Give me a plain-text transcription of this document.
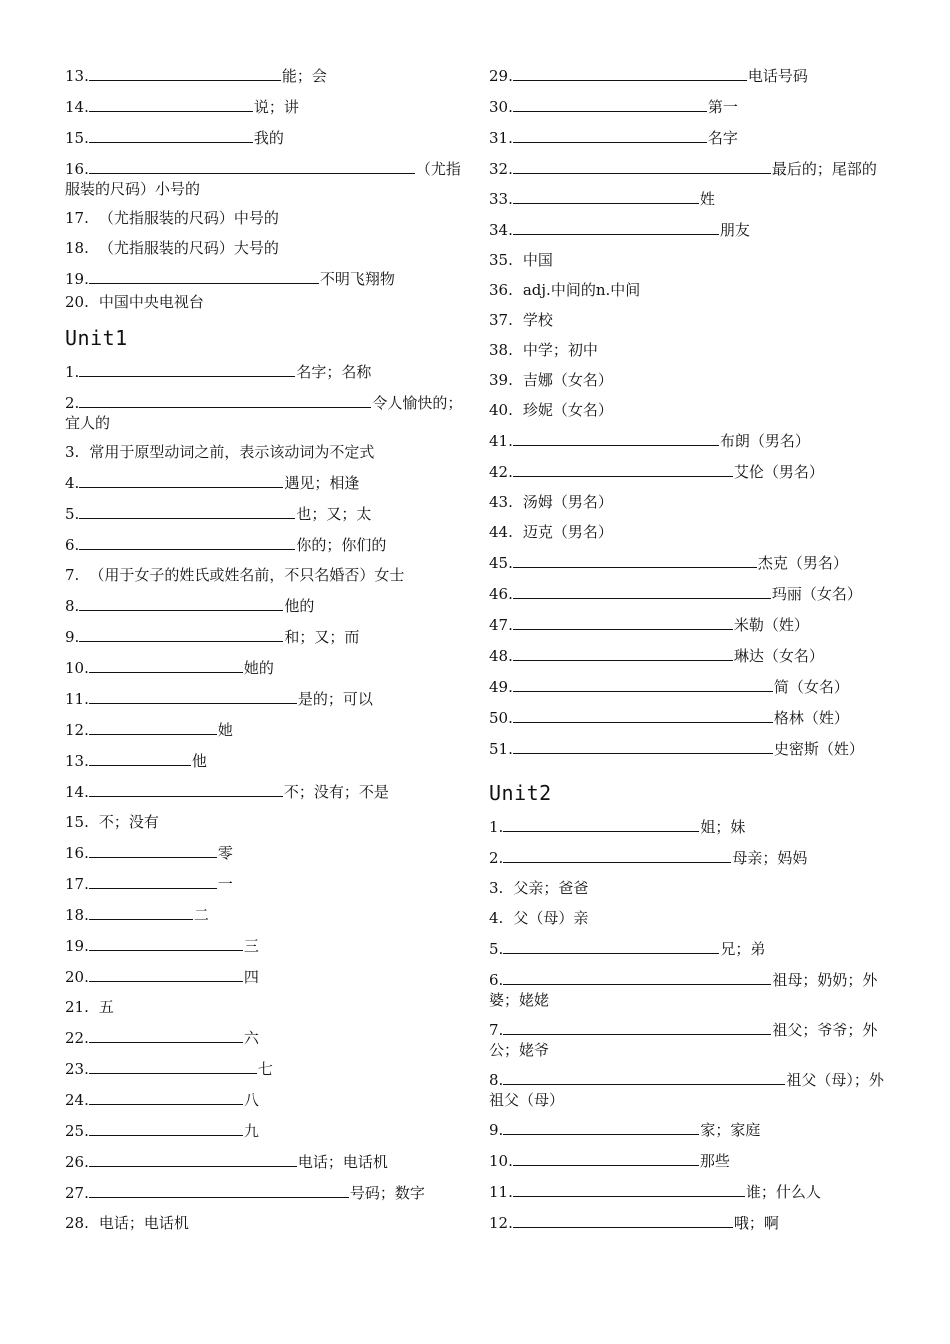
13.	能；会
14.	说；讲
15.	我的
16.	（尤指服装的尺码）小号的
17. （尤指服装的尺码）中号的
18. （尤指服装的尺码）大号的
19.	不明飞翔物
20. 中国中央电视台
Unit1
1.	名字；名称
2.	令人愉快的；宜人的
3. 常用于原型动词之前，表示该动词为不定式
4.	遇见；相逢
5.	也；又；太
6.	你的；你们的
7. （用于女子的姓氏或姓名前，不只名婚否）女士
8.	他的
9.	和；又；而
10.	她的
11.	是的；可以
12.	她
13.	他
14.	不；没有；不是
15. 不；没有
16.	零
17.	一
18.	二
19.	三
20.	四
21. 五
22.	六
23.	七
24.	八
25.	九
26.	电话；电话机
27.	号码；数字
28. 电话；电话机
29.	电话号码
30.	第一
31.	名字
32.	最后的；尾部的
33.	姓
34.	朋友
35. 中国
36. adj.中间的n.中间
37. 学校
38. 中学；初中
39. 吉娜（女名）
40. 珍妮（女名）
41.	布朗（男名）
42.	艾伦（男名）
43. 汤姆（男名）
44. 迈克（男名）
45.	杰克（男名）
46.	玛丽（女名）
47.	米勒（姓）
48.	琳达（女名）
49.	简（女名）
50.	格林（姓）
51.	史密斯（姓）
Unit2
1.	姐；妹
2.	母亲；妈妈
3. 父亲；爸爸
4. 父（母）亲
5.	兄；弟
6.	祖母；奶奶；外婆；姥姥
7.	祖父；爷爷；外公；姥爷
8.	祖父（母）；外祖父（母）
9.	家；家庭
10.	那些
11.	谁；什么人
12.	哦；啊
